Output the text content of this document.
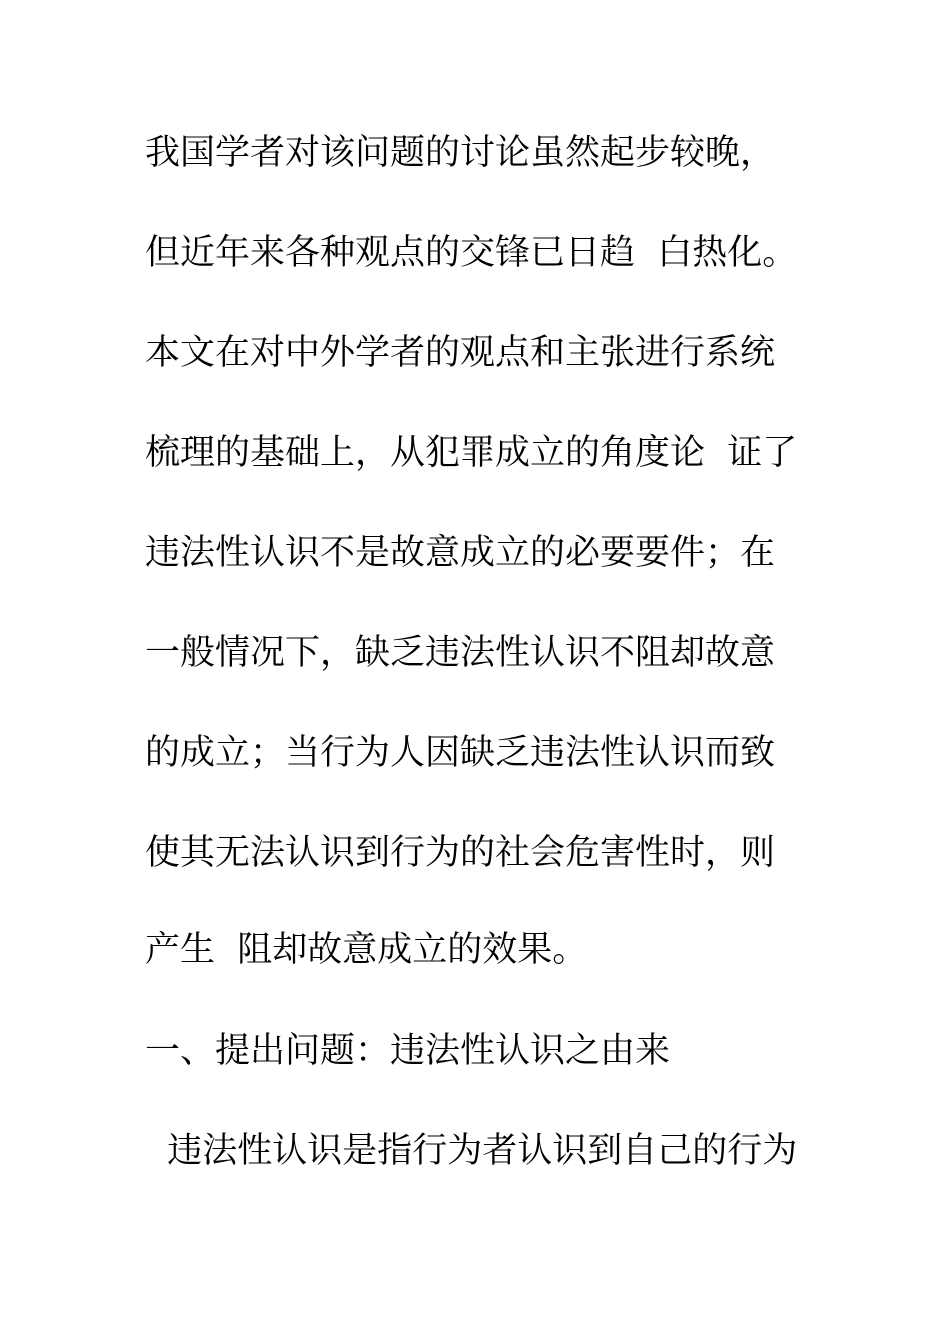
我国学者对该问题的讨论虽然起步较晚，
但近年来各种观点的交锋已日趋  白热化。
本文在对中外学者的观点和主张进行系统
梳理的基础上，从犯罪成立的角度论  证了
违法性认识不是故意成立的必要要件；在
一般情况下，缺乏违法性认识不阻却故意
的成立；当行为人因缺乏违法性认识而致
使其无法认识到行为的社会危害性时，则
产生  阻却故意成立的效果。
一、提出问题：违法性认识之由来
违法性认识是指行为者认识到自己的行为
